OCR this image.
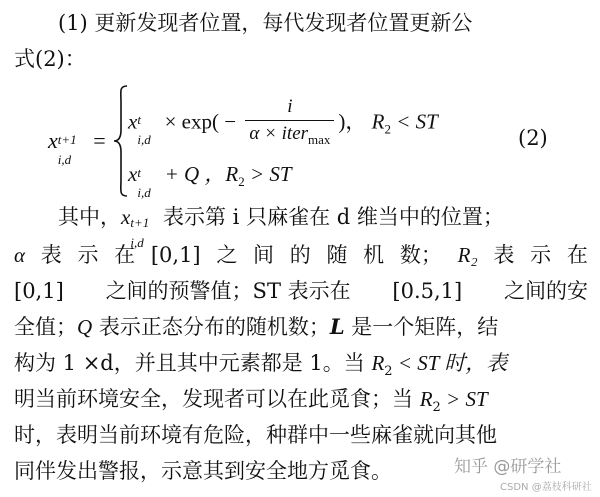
(1) 更新发现者位置，每代发现者位置更新公
式(2)：
x t+1
i,d
=
x t
i,d
× $\exp( - \frac{i}{\alpha \times iter_{max}}$ )， $R_2$ < ST
x t
i,d
+ Q ，$R_2$ > ST
(2)
其中，x t+1
i,d
表示第 i 只麻雀在 d 维当中的位置；
α 表 示 在 [0,1] 之 间 的 随 机 数； R₂ 表 示 在
[0,1] 之间的预警值；ST 表示在 [0.5,1] 之间的安
全值；Q 表示正态分布的随机数；L 是一个矩阵，结
构为 1 ×d，并且其中元素都是 1。当 $R_2$ < ST 时，表
明当前环境安全，发现者可以在此觅食；当 $R_2$ > ST
时，表明当前环境有危险，种群中一些麻雀就向其他
同伴发出警报，示意其到安全地方觅食。	知乎 @研学社
CSDN @荔枝科研社
